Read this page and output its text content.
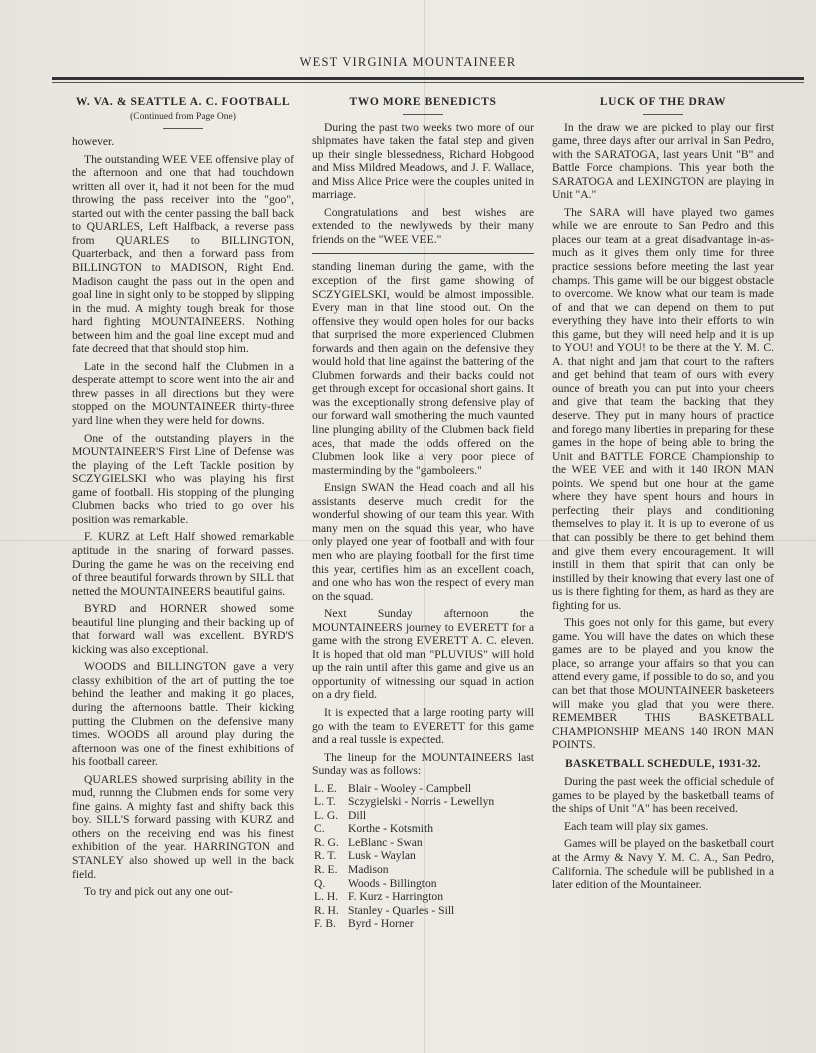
WEST VIRGINIA MOUNTAINEER
W. VA. & SEATTLE A. C. FOOTBALL
(Continued from Page One)

however.

The outstanding WEE VEE offensive play of the afternoon and one that had touchdown written all over it, had it not been for the mud throwing the pass receiver into the "goo", started out with the center passing the ball back to QUARLES, Left Halfback, a reverse pass from QUARLES to BILLINGTON, Quarterback, and then a forward pass from BILLINGTON to MADISON, Right End. Madison caught the pass out in the open and goal line in sight only to be stopped by slipping in the mud. A mighty tough break for those hard fighting MOUNTAINEERS. Nothing between him and the goal line except mud and fate decreed that that should stop him.

Late in the second half the Clubmen in a desperate attempt to score went into the air and threw passes in all directions but they were stopped on the MOUNTAINEER thirty-three yard line when they were held for downs.

One of the outstanding players in the MOUNTAINEER'S First Line of Defense was the playing of the Left Tackle position by SCZYGIELSKI who was playing his first game of football. His stopping of the plunging Clubmen backs who tried to go over his position was remarkable.

F. KURZ at Left Half showed remarkable aptitude in the snaring of forward passes. During the game he was on the receiving end of three beautiful forwards thrown by SILL that netted the MOUNTAINEERS beautiful gains.

BYRD and HORNER showed some beautiful line plunging and their backing up of that forward wall was excellent. BYRD'S kicking was also exceptional.

WOODS and BILLINGTON gave a very classy exhibition of the art of putting the toe behind the leather and making it go places, during the afternoons battle. Their kicking putting the Clubmen on the defensive many times. WOODS all around play during the afternoon was one of the finest exhibitions of his football career.

QUARLES showed surprising ability in the mud, runnng the Clubmen ends for some very fine gains. A mighty fast and shifty back this boy. SILL'S forward passing with KURZ and others on the receiving end was his finest exhibition of the year. HARRINGTON and STANLEY also showed up well in the back field.

To try and pick out any one out-

TWO MORE BENEDICTS

During the past two weeks two more of our shipmates have taken the fatal step and given up their single blessedness, Richard Hobgood and Miss Mildred Meadows, and J. F. Wallace, and Miss Alice Price were the couples united in marriage.

Congratulations and best wishes are extended to the newlyweds by their many friends on the "WEE VEE."

standing lineman during the game, with the exception of the first game showing of SCZYGIELSKI, would be almost impossible. Every man in that line stood out. On the offensive they would open holes for our backs that surprised the more experienced Clubmen forwards and then again on the defensive they would hold that line against the battering of the Clubmen forwards and their backs could not get through except for occasional short gains. It was the exceptionally strong defensive play of our forward wall smothering the much vaunted line plunging ability of the Clubmen back field aces, that made the odds offered on the Clubmen look like a very poor piece of masterminding by the "gamboleers."

Ensign SWAN the Head coach and all his assistants deserve much credit for the wonderful showing of our team this year. With many men on the squad this year, who have only played one year of football and with four men who are playing football for the first time this year, certifies him as an excellent coach, and one who has won the respect of every man on the squad.

Next Sunday afternoon the MOUNTAINEERS journey to EVERETT for a game with the strong EVERETT A. C. eleven. It is hoped that old man "PLUVIUS" will hold up the rain until after this game and give us an opportunity of witnessing our squad in action on a dry field.

It is expected that a large rooting party will go with the team to EVERETT for this game and a real tussle is expected.

The lineup for the MOUNTAINEERS last Sunday was as follows:

L. E. Blair - Wooley - Campbell
L. T. Sczygielski - Norris - Lewellyn
L. G. Dill
C. Korthe - Kotsmith
R. G. LeBlanc - Swan
R. T. Lusk - Waylan
R. E. Madison
Q. Woods - Billington
L. H. F. Kurz - Harrington
R. H. Stanley - Quarles - Sill
F. B. Byrd - Horner
LUCK OF THE DRAW

In the draw we are picked to play our first game, three days after our arrival in San Pedro, with the SARATOGA, last years Unit "B" and Battle Force champions. This year both the SARATOGA and LEXINGTON are playing in Unit "A."

The SARA will have played two games while we are enroute to San Pedro and this places our team at a great disadvantage in-as-much as it gives them only time for three practice sessions before meeting the last year champs. This game will be our biggest obstacle to overcome. We know what our team is made of and that we can depend on them to put everything they have into their efforts to win this game, but they will need help and it is up to YOU! and YOU! to be there at the Y. M. C. A. that night and jam that court to the rafters and get behind that team of ours with every ounce of breath you can put into your cheers and give that team the backing that they deserve. They put in many hours of practice and forego many liberties in preparing for these games in the hope of being able to bring the Unit and BATTLE FORCE Championship to the WEE VEE and with it 140 IRON MAN points. We spend but one hour at the game where they have spent hours and hours in perfecting their plays and conditioning themselves to play it. It is up to everone of us that can possibly be there to get behind them and give them every encouragement. It will instill in them that spirit that can only be instilled by their knowing that every last one of us is there fighting for them, as hard as they are fighting for us.

This goes not only for this game, but every game. You will have the dates on which these games are to be played and you know the place, so arrange your affairs so that you can attend every game, if possible to do so, and you can bet that those MOUNTAINEER basketeers will make you glad that you were there. REMEMBER THIS BASKETBALL CHAMPIONSHIP MEANS 140 IRON MAN POINTS.

BASKETBALL SCHEDULE, 1931-32.

During the past week the official schedule of games to be played by the basketball teams of the ships of Unit "A" has been received.

Each team will play six games.

Games will be played on the basketball court at the Army & Navy Y. M. C. A., San Pedro, California. The schedule will be published in a later edition of the Mountaineer.
